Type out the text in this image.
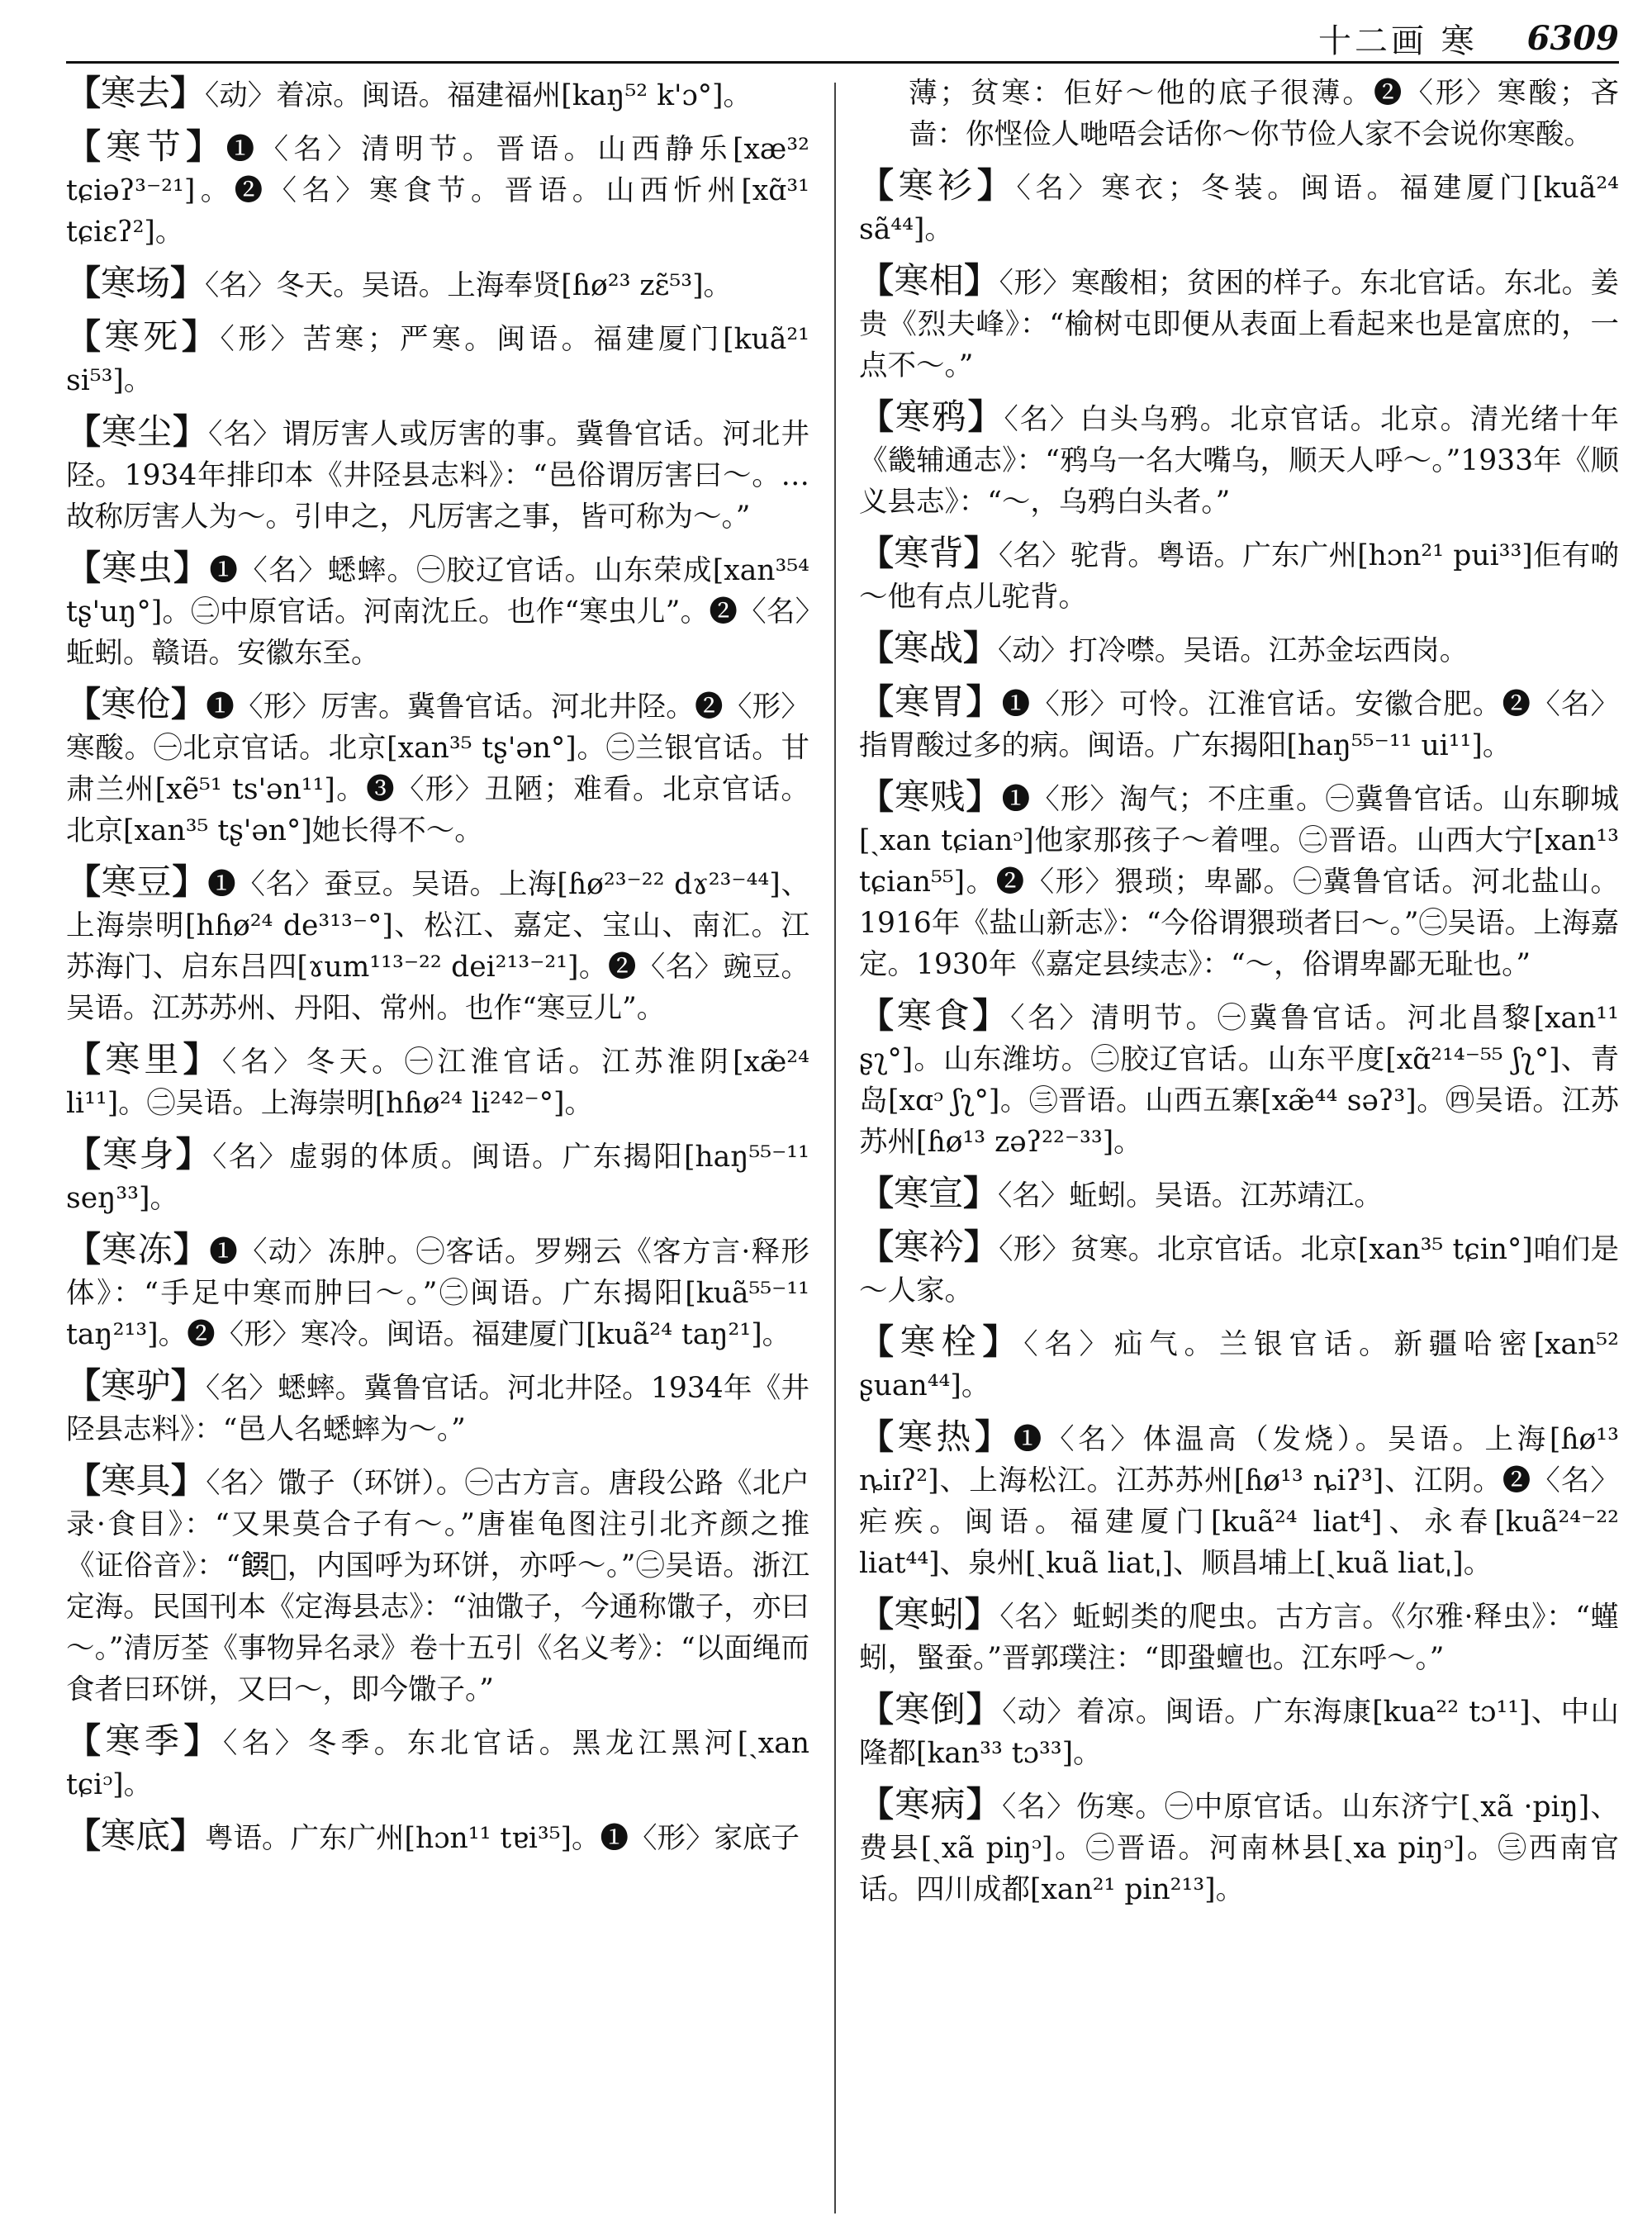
十二画 寒 6309

【寒去】〈动〉着凉。闽语。福建福州[kaŋ⁵² k'ɔ°]。

【寒节】❶〈名〉清明节。晋语。山西静乐[xæ³² tɕiəʔ³⁻²¹]。❷〈名〉寒食节。晋语。山西忻州[xɑ̃³¹ tɕiɛʔ²]。

【寒场】〈名〉冬天。吴语。上海奉贤[ɦø²³ zɛ̃⁵³]。

【寒死】〈形〉苦寒；严寒。闽语。福建厦门[kuã²¹ si⁵³]。

【寒尘】〈名〉谓厉害人或厉害的事。冀鲁官话。河北井陉。1934年排印本《井陉县志料》：“邑俗谓厉害曰～。…故称厉害人为～。引申之，凡厉害之事，皆可称为～。”

【寒虫】❶〈名〉蟋蟀。㊀胶辽官话。山东荣成[xan³⁵⁴ tʂ'uŋ°]。㊁中原官话。河南沈丘。也作“寒虫儿”。❷〈名〉蚯蚓。赣语。安徽东至。

【寒伧】❶〈形〉厉害。冀鲁官话。河北井陉。❷〈形〉寒酸。㊀北京官话。北京[xan³⁵ tʂ'ən°]。㊁兰银官话。甘肃兰州[xẽ⁵¹ ts'ən¹¹]。❸〈形〉丑陋；难看。北京官话。北京[xan³⁵ tʂ'ən°]她长得不～。

【寒豆】❶〈名〉蚕豆。吴语。上海[ɦø²³⁻²² dɤ²³⁻⁴⁴]、上海崇明[hɦø²⁴ de³¹³⁻°]、松江、嘉定、宝山、南汇。江苏海门、启东吕四[ɤum¹¹³⁻²² dei²¹³⁻²¹]。❷〈名〉豌豆。吴语。江苏苏州、丹阳、常州。也作“寒豆儿”。

【寒里】〈名〉冬天。㊀江淮官话。江苏淮阴[xæ̃²⁴ li¹¹]。㊁吴语。上海崇明[hɦø²⁴ li²⁴²⁻°]。

【寒身】〈名〉虚弱的体质。闽语。广东揭阳[haŋ⁵⁵⁻¹¹ seŋ³³]。

【寒冻】❶〈动〉冻肿。㊀客话。罗翙云《客方言·释形体》：“手足中寒而肿曰～。”㊁闽语。广东揭阳[kuã⁵⁵⁻¹¹ taŋ²¹³]。❷〈形〉寒冷。闽语。福建厦门[kuã²⁴ taŋ²¹]。

【寒驴】〈名〉蟋蟀。冀鲁官话。河北井陉。1934年《井陉县志料》：“邑人名蟋蟀为～。”

【寒具】〈名〉馓子（环饼）。㊀古方言。唐段公路《北户录·食目》：“又果莫合子有～。”唐崔龟图注引北齐颜之推《证俗音》：“𩜹𩝇，内国呼为环饼，亦呼～。”㊁吴语。浙江定海。民国刊本《定海县志》：“油馓子，今通称馓子，亦曰～。”清厉荃《事物异名录》卷十五引《名义考》：“以面绳而食者曰环饼，又曰～，即今馓子。”

【寒季】〈名〉冬季。东北官话。黑龙江黑河[ˏxan tɕiᵓ]。

【寒底】粤语。广东广州[hɔn¹¹ tɐi³⁵]。❶〈形〉家底子

薄；贫寒：佢好～他的底子很薄。❷〈形〉寒酸；吝啬：你悭俭人哋唔会话你～你节俭人家不会说你寒酸。

【寒衫】〈名〉寒衣；冬装。闽语。福建厦门[kuã²⁴ sã⁴⁴]。

【寒相】〈形〉寒酸相；贫困的样子。东北官话。东北。姜贵《烈夫峰》：“榆树屯即便从表面上看起来也是富庶的，一点不～。”

【寒鸦】〈名〉白头乌鸦。北京官话。北京。清光绪十年《畿辅通志》：“鸦乌一名大嘴乌，顺天人呼～。”1933年《顺义县志》：“～，乌鸦白头者。”

【寒背】〈名〉驼背。粤语。广东广州[hɔn²¹ pui³³]佢有啲～他有点儿驼背。

【寒战】〈动〉打冷噤。吴语。江苏金坛西岗。

【寒胃】❶〈形〉可怜。江淮官话。安徽合肥。❷〈名〉指胃酸过多的病。闽语。广东揭阳[haŋ⁵⁵⁻¹¹ ui¹¹]。

【寒贱】❶〈形〉淘气；不庄重。㊀冀鲁官话。山东聊城[ˏxan tɕianᵓ]他家那孩子～着哩。㊁晋语。山西大宁[xan¹³ tɕian⁵⁵]。❷〈形〉猥琐；卑鄙。㊀冀鲁官话。河北盐山。1916年《盐山新志》：“今俗谓猥琐者曰～。”㊁吴语。上海嘉定。1930年《嘉定县续志》：“～，俗谓卑鄙无耻也。”

【寒食】〈名〉清明节。㊀冀鲁官话。河北昌黎[xan¹¹ ʂʅ°]。山东潍坊。㊁胶辽官话。山东平度[xɑ̃²¹⁴⁻⁵⁵ ʃʅ°]、青岛[xɑᵓ ʃʅ°]。㊂晋语。山西五寨[xæ̃⁴⁴ səʔ³]。㊃吴语。江苏苏州[ɦø¹³ zəʔ²²⁻³³]。

【寒宣】〈名〉蚯蚓。吴语。江苏靖江。

【寒衿】〈形〉贫寒。北京官话。北京[xan³⁵ tɕin°]咱们是～人家。

【寒栓】〈名〉疝气。兰银官话。新疆哈密[xan⁵² ʂuan⁴⁴]。

【寒热】❶〈名〉体温高（发烧）。吴语。上海[ɦø¹³ ȵiɪʔ²]、上海松江。江苏苏州[ɦø¹³ ȵiʔ³]、江阴。❷〈名〉疟疾。闽语。福建厦门[kuã²⁴ liat⁴]、永春[kuã²⁴⁻²² liat⁴⁴]、泉州[ˏkuã liatˌ]、顺昌埔上[ˏkuã liatˌ]。

【寒蚓】〈名〉蚯蚓类的爬虫。古方言。《尔雅·释虫》：“螼蚓，蜸蚕。”晋郭璞注：“即蛩蟺也。江东呼～。”

【寒倒】〈动〉着凉。闽语。广东海康[kua²² tɔ¹¹]、中山隆都[kan³³ tɔ³³]。

【寒病】〈名〉伤寒。㊀中原官话。山东济宁[ˏxã ·piŋ]、费县[ˏxã piŋᵓ]。㊁晋语。河南林县[ˏxa piŋᵓ]。㊂西南官话。四川成都[xan²¹ pin²¹³]。
